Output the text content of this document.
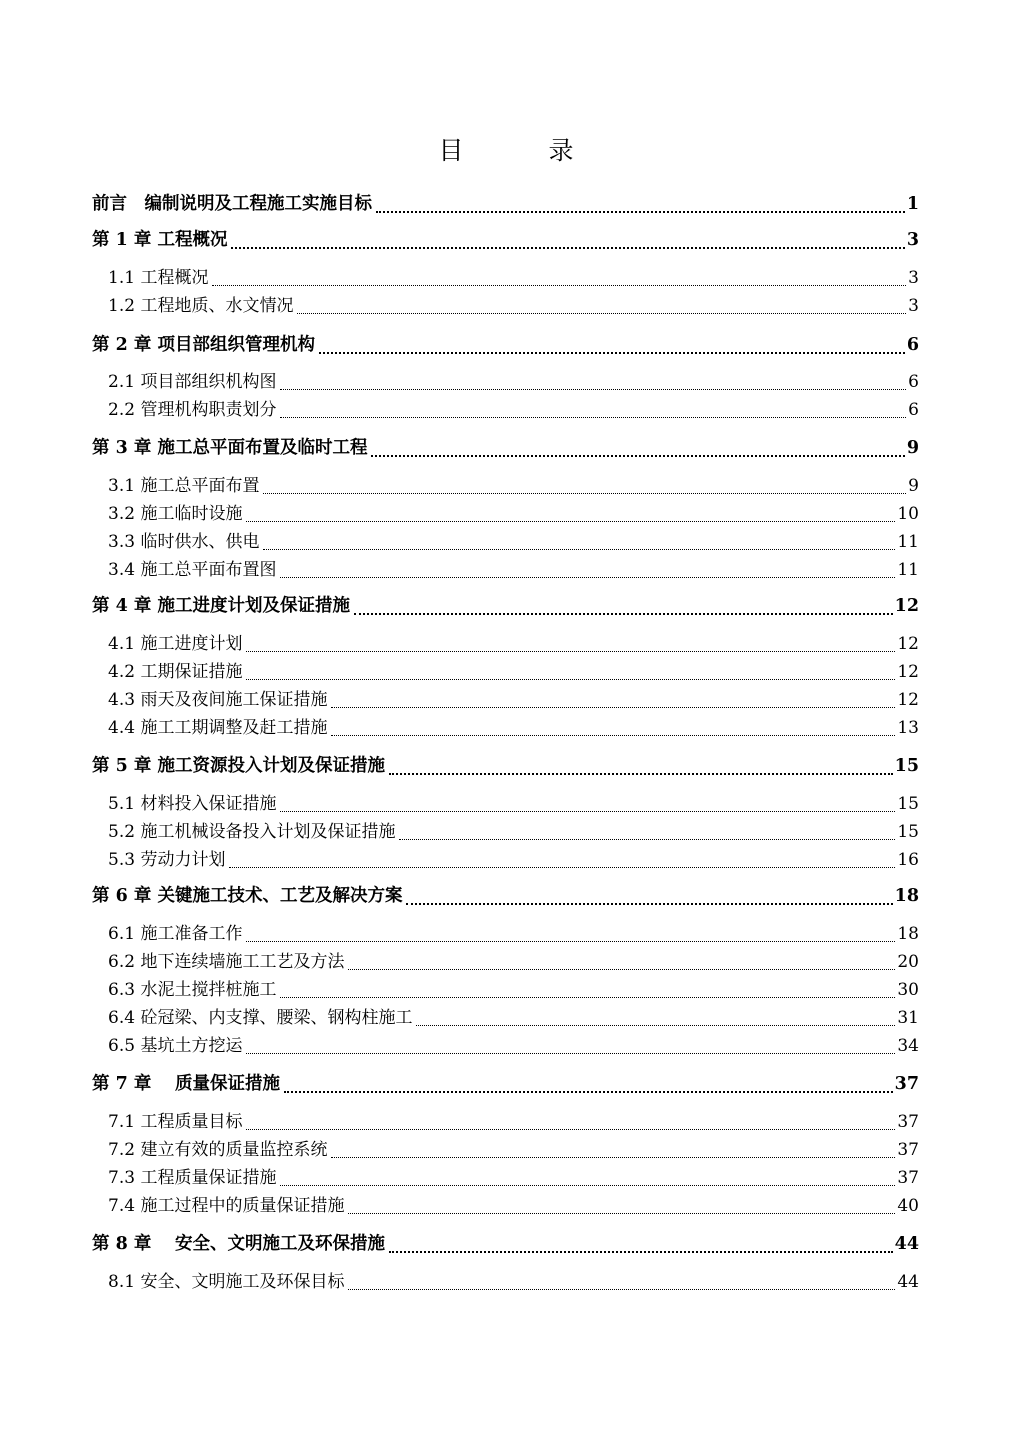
目　录
前言　编制说明及工程施工实施目标	1
第 1 章 工程概况	3
1.1 工程概况	3
1.2 工程地质、水文情况	3
第 2 章 项目部组织管理机构	6
2.1 项目部组织机构图	6
2.2 管理机构职责划分	6
第 3 章 施工总平面布置及临时工程	9
3.1 施工总平面布置	9
3.2 施工临时设施	10
3.3 临时供水、供电	11
3.4 施工总平面布置图	11
第 4 章 施工进度计划及保证措施	12
4.1 施工进度计划	12
4.2 工期保证措施	12
4.3 雨天及夜间施工保证措施	12
4.4 施工工期调整及赶工措施	13
第 5 章 施工资源投入计划及保证措施	15
5.1 材料投入保证措施	15
5.2 施工机械设备投入计划及保证措施	15
5.3 劳动力计划	16
第 6 章 关键施工技术、工艺及解决方案	18
6.1 施工准备工作	18
6.2 地下连续墙施工工艺及方法	20
6.3 水泥土搅拌桩施工	30
6.4 砼冠梁、内支撑、腰梁、钢构柱施工	31
6.5 基坑土方挖运	34
第 7 章　 质量保证措施	37
7.1 工程质量目标	37
7.2 建立有效的质量监控系统	37
7.3 工程质量保证措施	37
7.4 施工过程中的质量保证措施	40
第 8 章　 安全、文明施工及环保措施	44
8.1 安全、文明施工及环保目标	44
